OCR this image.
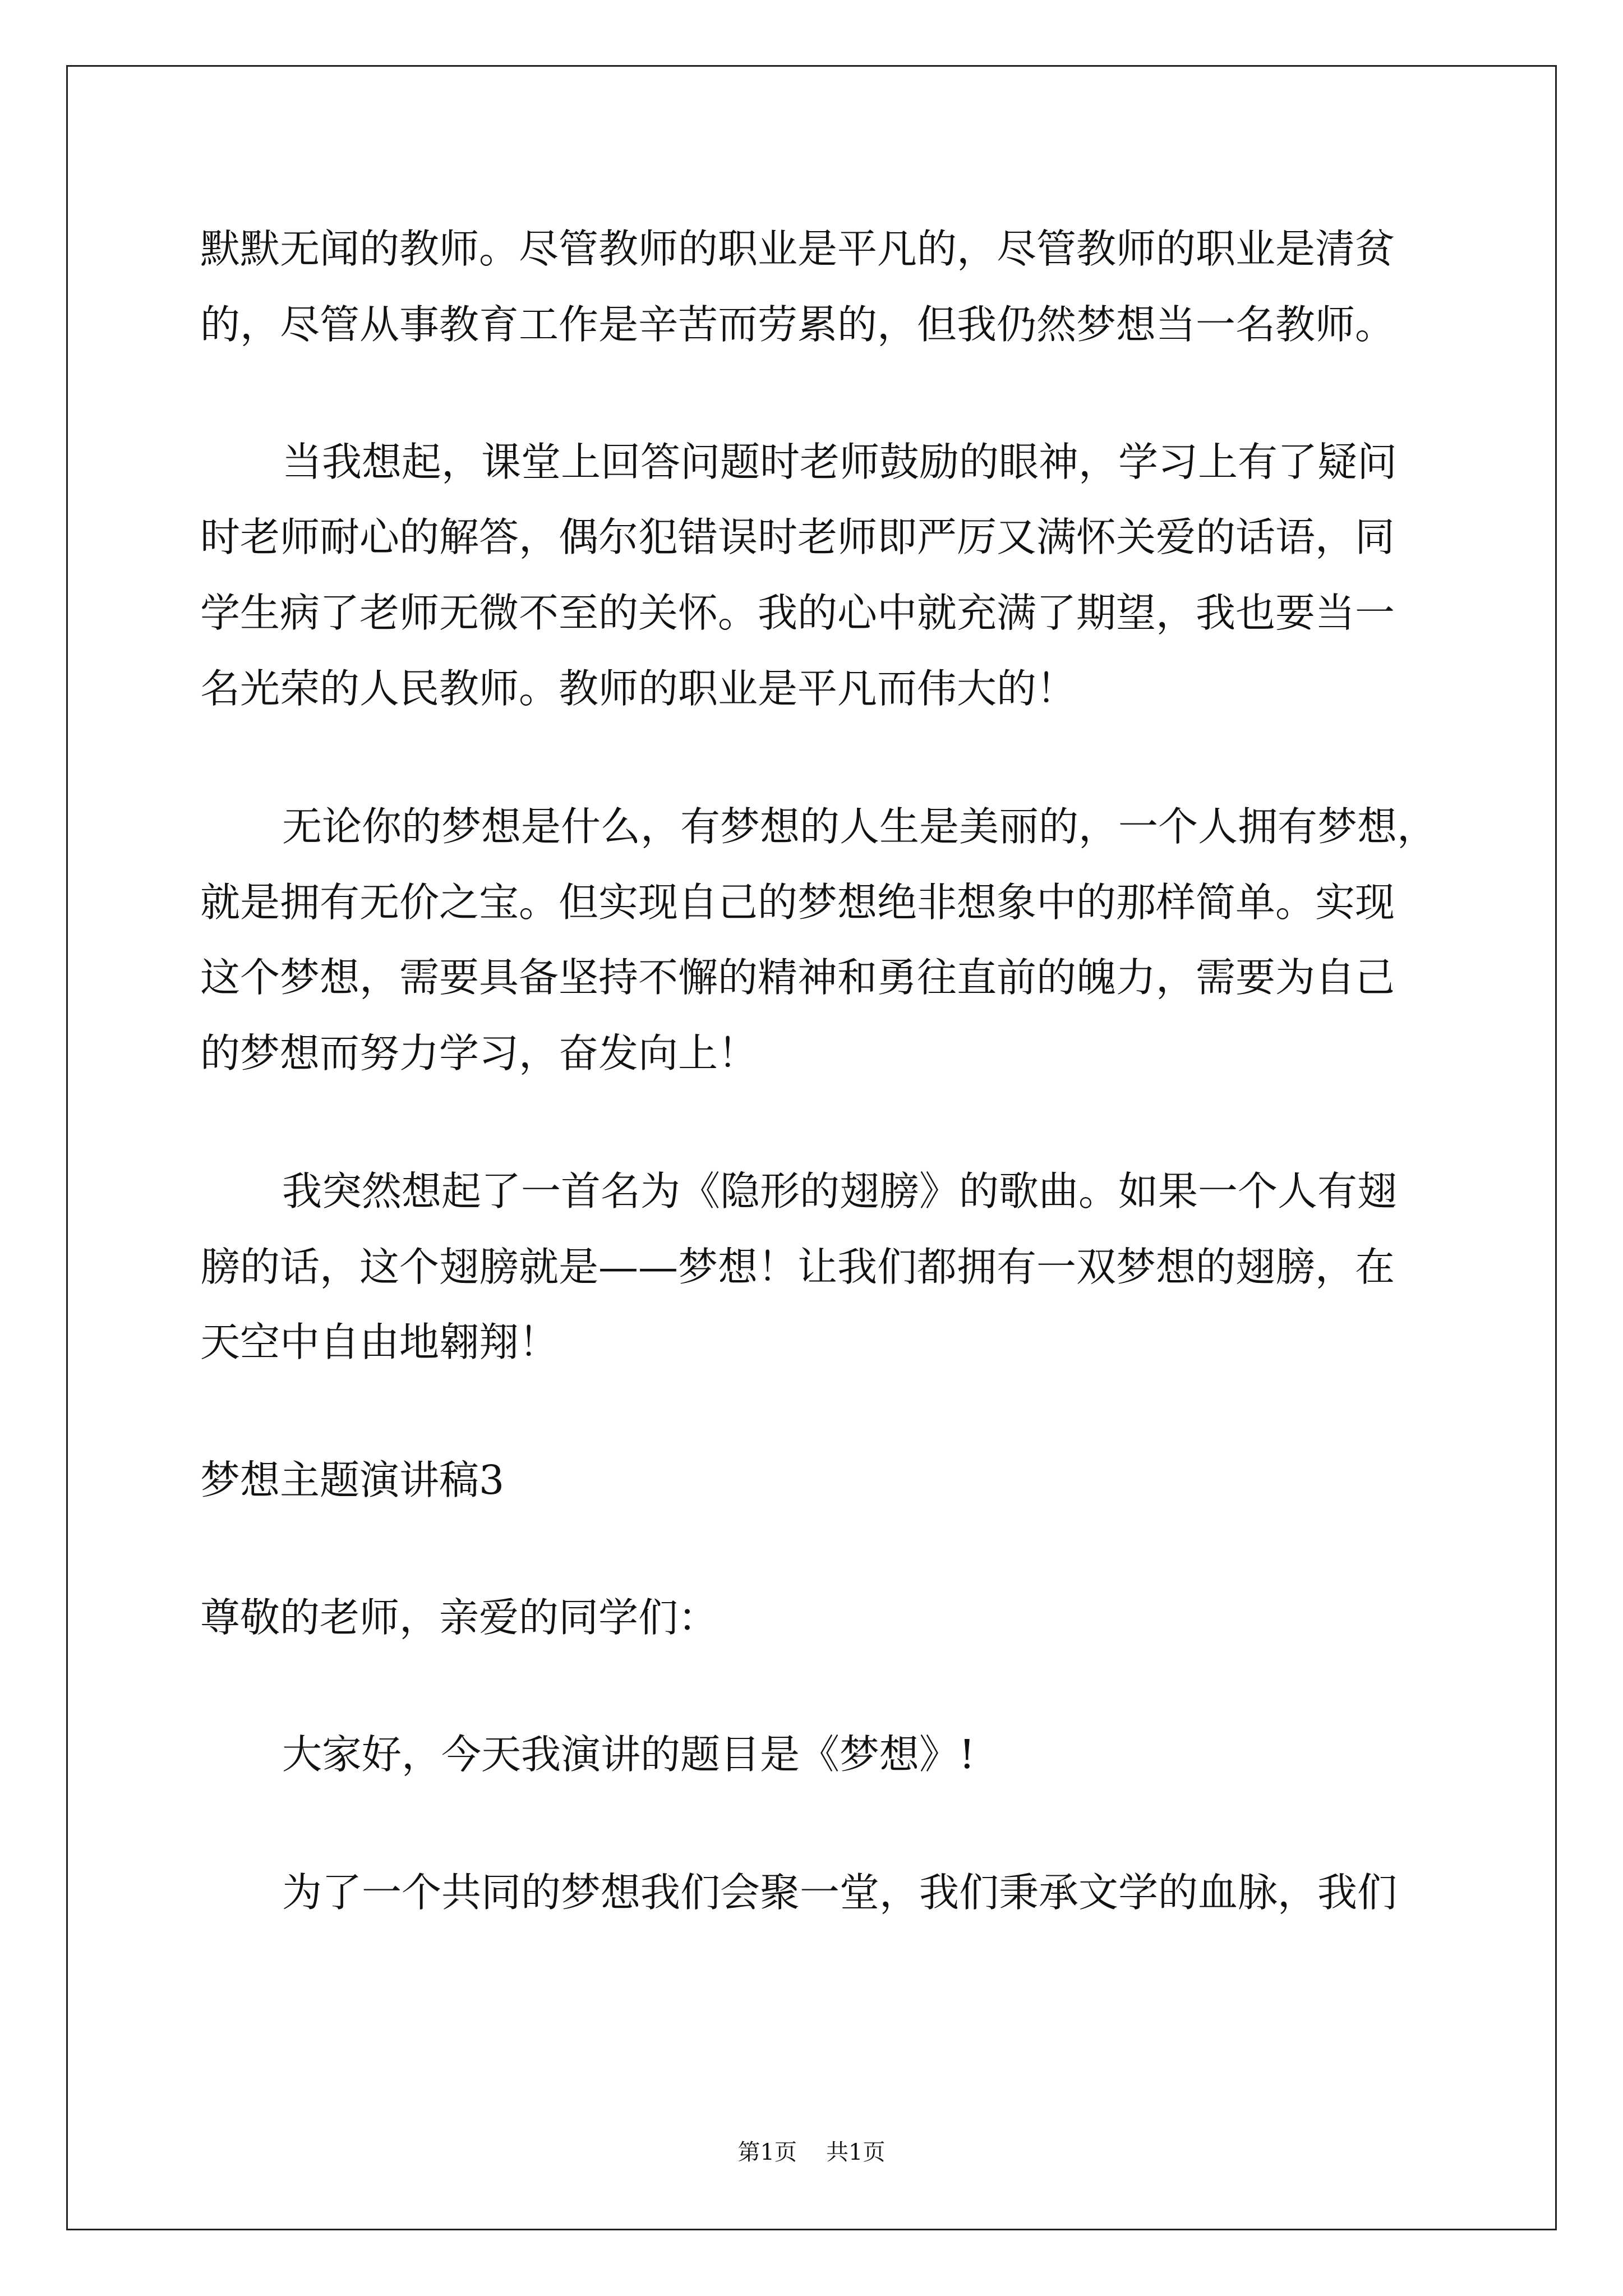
默默无闻的教师。尽管教师的职业是平凡的，尽管教师的职业是清贫
的，尽管从事教育工作是辛苦而劳累的，但我仍然梦想当一名教师。
当我想起，课堂上回答问题时老师鼓励的眼神，学习上有了疑问
时老师耐心的解答，偶尔犯错误时老师即严厉又满怀关爱的话语，同
学生病了老师无微不至的关怀。我的心中就充满了期望，我也要当一
名光荣的人民教师。教师的职业是平凡而伟大的！
无论你的梦想是什么，有梦想的人生是美丽的，一个人拥有梦想，
就是拥有无价之宝。但实现自己的梦想绝非想象中的那样简单。实现
这个梦想，需要具备坚持不懈的精神和勇往直前的魄力，需要为自己
的梦想而努力学习，奋发向上！
我突然想起了一首名为《隐形的翅膀》的歌曲。如果一个人有翅
膀的话，这个翅膀就是——梦想！让我们都拥有一双梦想的翅膀，在
天空中自由地翱翔！
梦想主题演讲稿3
尊敬的老师，亲爱的同学们：
大家好，今天我演讲的题目是《梦想》!
为了一个共同的梦想我们会聚一堂，我们秉承文学的血脉，我们
第1页 共1页
